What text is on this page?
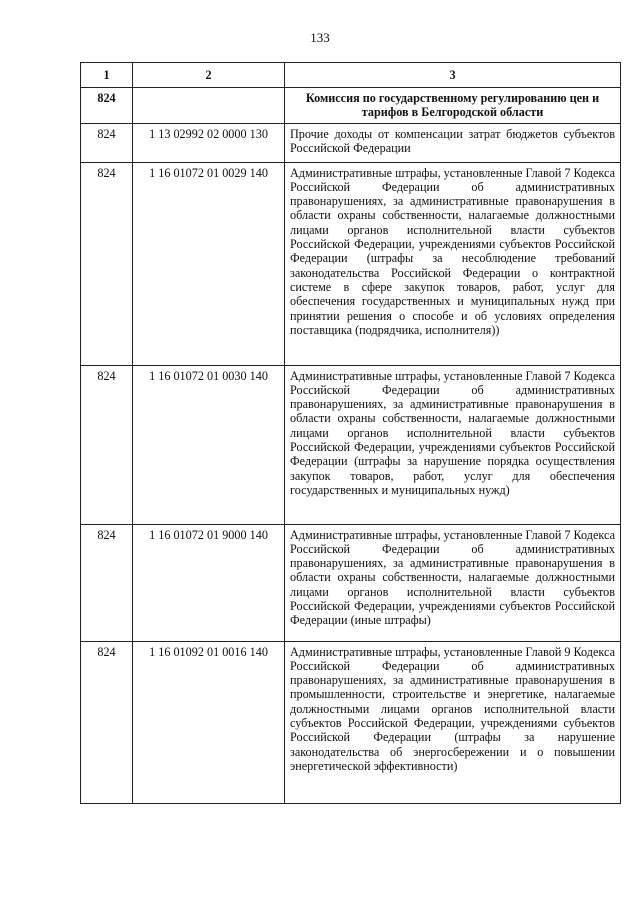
133
1	2	3
824		Комиссия по государственному регулированию цен и тарифов в Белгородской области
824	1 13 02992 02 0000 130	Прочие доходы от компенсации затрат бюджетов субъектов Российской Федерации
824	1 16 01072 01 0029 140	Административные штрафы, установленные Главой 7 Кодекса Российской Федерации об административных правонарушениях, за административные правонарушения в области охраны собственности, налагаемые должностными лицами органов исполнительной власти субъектов Российской Федерации, учреждениями субъектов Российской Федерации (штрафы за несоблюдение требований законодательства Российской Федерации о контрактной системе в сфере закупок товаров, работ, услуг для обеспечения государственных и муниципальных нужд при принятии решения о способе и об условиях определения поставщика (подрядчика, исполнителя))
824	1 16 01072 01 0030 140	Административные штрафы, установленные Главой 7 Кодекса Российской Федерации об административных правонарушениях, за административные правонарушения в области охраны собственности, налагаемые должностными лицами органов исполнительной власти субъектов Российской Федерации, учреждениями субъектов Российской Федерации (штрафы за нарушение порядка осуществления закупок товаров, работ, услуг для обеспечения государственных и муниципальных нужд)
824	1 16 01072 01 9000 140	Административные штрафы, установленные Главой 7 Кодекса Российской Федерации об административных правонарушениях, за административные правонарушения в области охраны собственности, налагаемые должностными лицами органов исполнительной власти субъектов Российской Федерации, учреждениями субъектов Российской Федерации (иные штрафы)
824	1 16 01092 01 0016 140	Административные штрафы, установленные Главой 9 Кодекса Российской Федерации об административных правонарушениях, за административные правонарушения в промышленности, строительстве и энергетике, налагаемые должностными лицами органов исполнительной власти субъектов Российской Федерации, учреждениями субъектов Российской Федерации (штрафы за нарушение законодательства об энергосбережении и о повышении энергетической эффективности)
